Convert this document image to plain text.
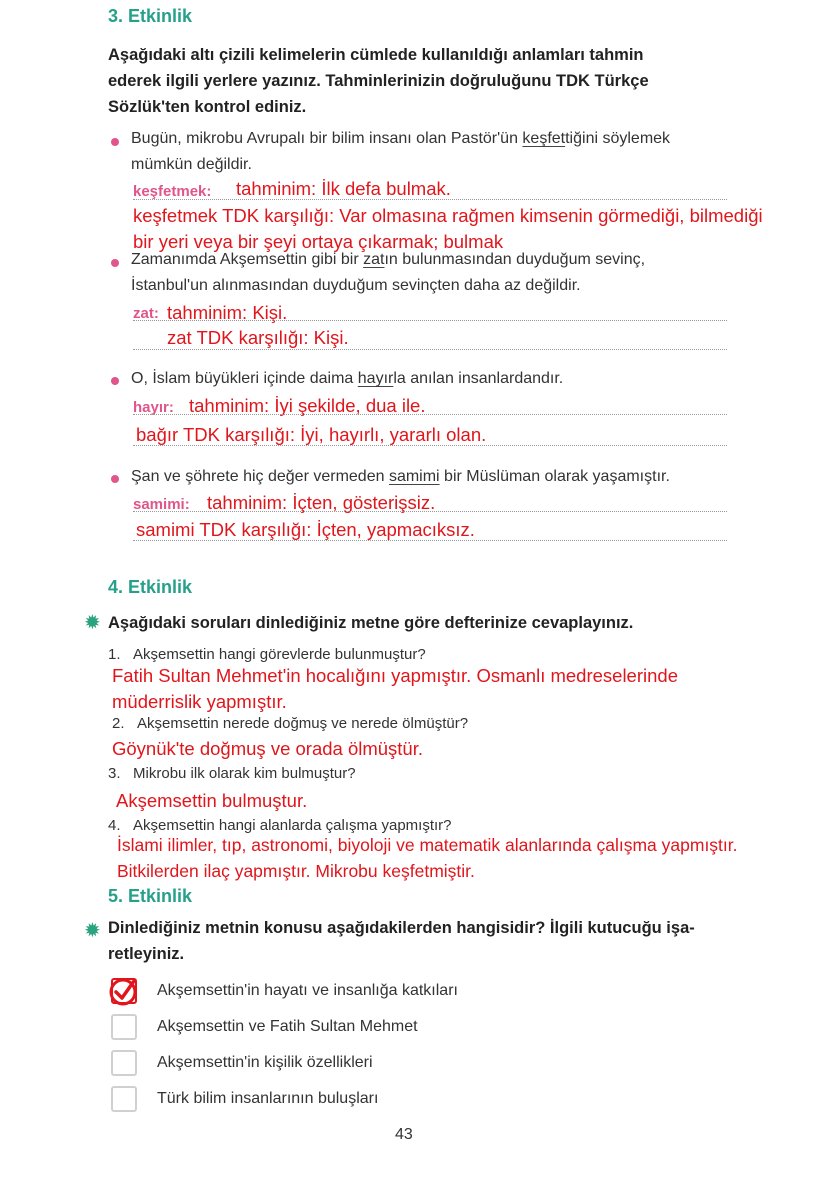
3. Etkinlik
Aşağıdaki altı çizili kelimelerin cümlede kullanıldığı anlamları tahmin
ederek ilgili yerlere yazınız. Tahminlerinizin doğruluğunu TDK Türkçe
Sözlük'ten kontrol ediniz.
Bugün, mikrobu Avrupalı bir bilim insanı olan Pastör'ün keşfettiğini söylemek
mümkün değildir.
keşfetmek: tahminim: İlk defa bulmak.
keşfetmek TDK karşılığı: Var olmasına rağmen kimsenin görmediği, bilmediği
bir yeri veya bir şeyi ortaya çıkarmak; bulmak
Zamanımda Akşemsettin gibi bir zatın bulunmasından duyduğum sevinç,
İstanbul'un alınmasından duyduğum sevinçten daha az değildir.
zat: tahminim: Kişi.
zat TDK karşılığı: Kişi.
O, İslam büyükleri içinde daima hayırla anılan insanlardandır.
hayır: tahminim: İyi şekilde, dua ile.
bağır TDK karşılığı: İyi, hayırlı, yararlı olan.
Şan ve şöhrete hiç değer vermeden samimi bir Müslüman olarak yaşamıştır.
samimi: tahminim: İçten, gösterişsiz.
samimi TDK karşılığı: İçten, yapmacıksız.
4. Etkinlik
✹ Aşağıdaki soruları dinlediğiniz metne göre defterinize cevaplayınız.
1. Akşemsettin hangi görevlerde bulunmuştur?
Fatih Sultan Mehmet'in hocalığını yapmıştır. Osmanlı medreselerinde
müderrislik yapmıştır.
2. Akşemsettin nerede doğmuş ve nerede ölmüştür?
Göynük'te doğmuş ve orada ölmüştür.
3. Mikrobu ilk olarak kim bulmuştur?
Akşemsettin bulmuştur.
4. Akşemsettin hangi alanlarda çalışma yapmıştır?
İslami ilimler, tıp, astronomi, biyoloji ve matematik alanlarında çalışma yapmıştır.
Bitkilerden ilaç yapmıştır. Mikrobu keşfetmiştir.
5. Etkinlik
✹ Dinlediğiniz metnin konusu aşağıdakilerden hangisidir? İlgili kutucuğu işa-
retleyiniz.
Akşemsettin'in hayatı ve insanlığa katkıları
Akşemsettin ve Fatih Sultan Mehmet
Akşemsettin'in kişilik özellikleri
Türk bilim insanlarının buluşları
43
